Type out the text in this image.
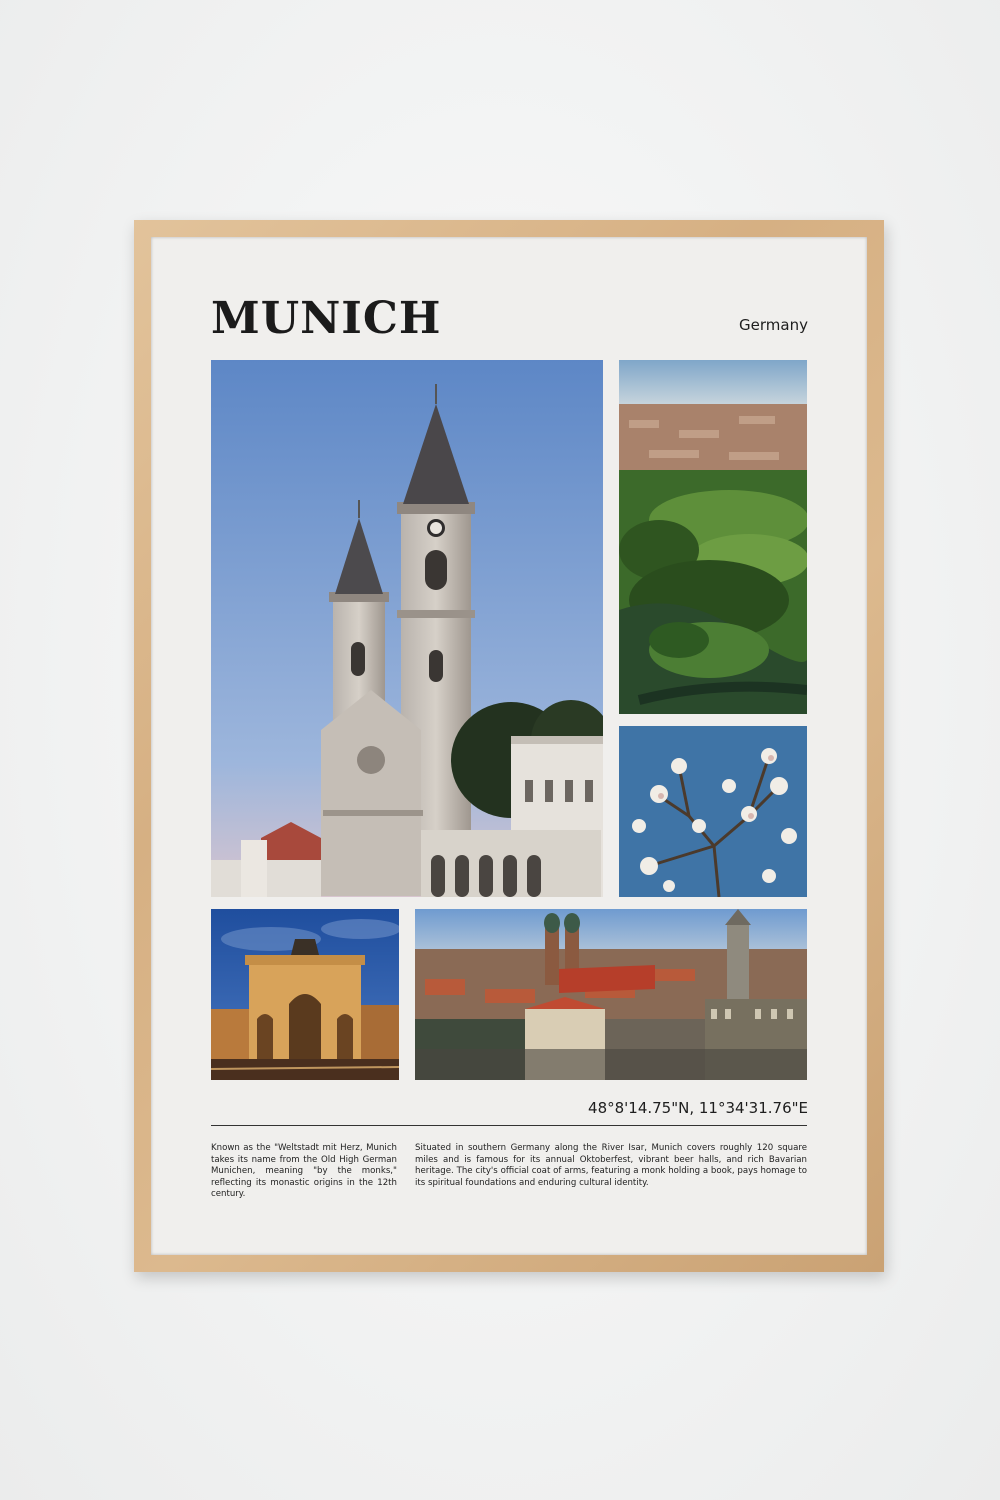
MUNICH	Germany
48°8'14.75"N, 11°34'31.76"E

Known as the "Weltstadt mit Herz, Munich takes its name from the Old High German Munichen, meaning "by the monks," reflecting its monastic origins in the 12th century.

Situated in southern Germany along the River Isar, Munich covers roughly 120 square miles and is famous for its annual Oktoberfest, vibrant beer halls, and rich Bavarian heritage. The city's official coat of arms, featuring a monk holding a book, pays homage to its spiritual foundations and enduring cultural identity.
